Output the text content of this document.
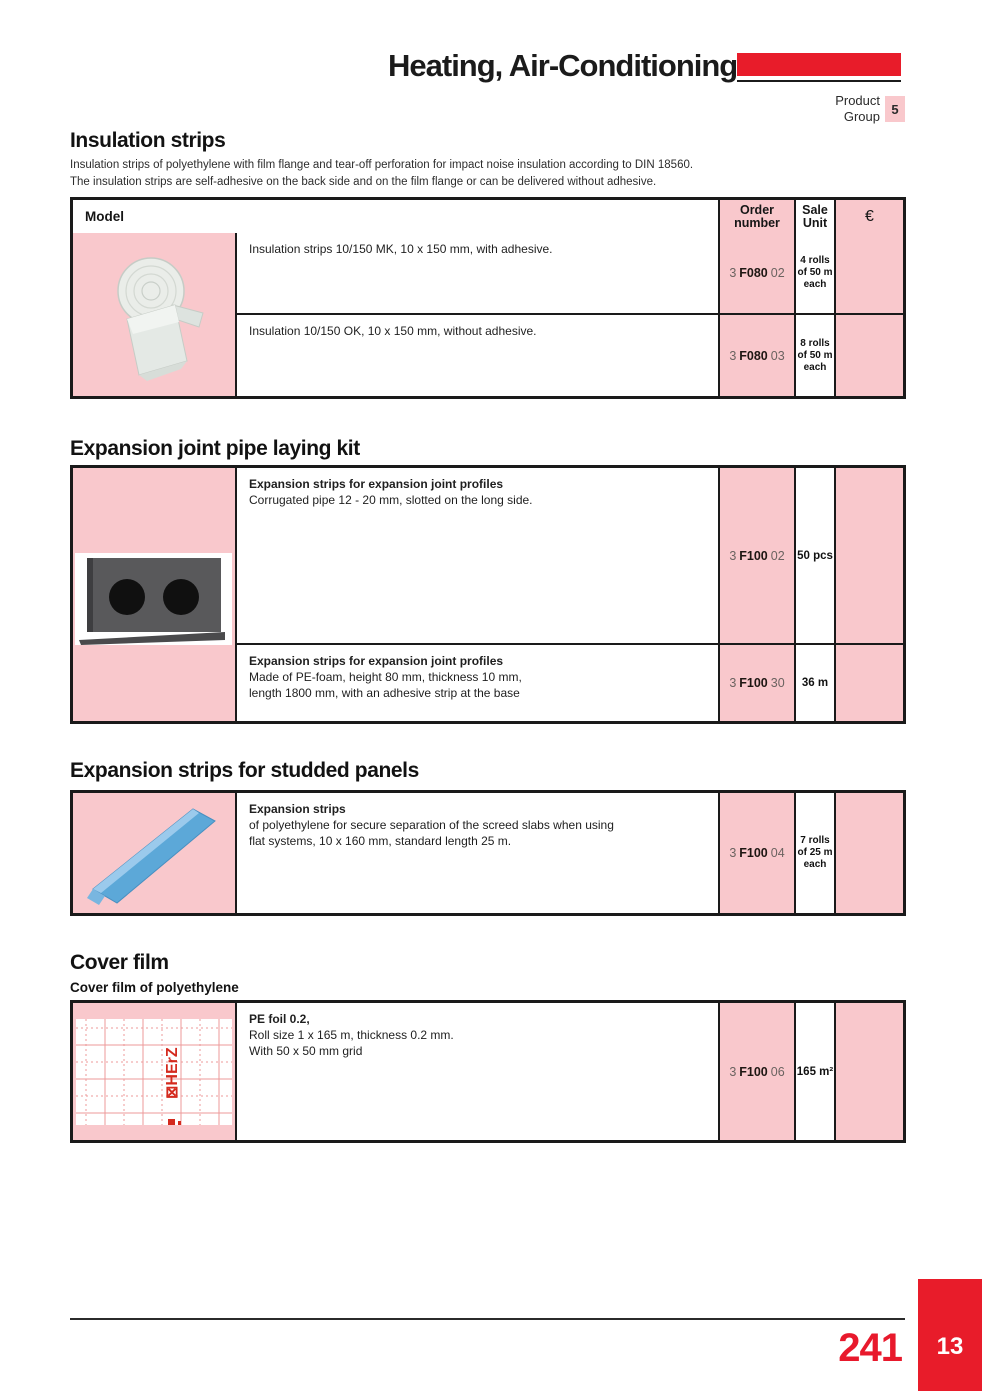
Heating, Air-Conditioning
Product
Group 5
Insulation strips
Insulation strips of polyethylene with film flange and tear-off perforation for impact noise insulation according to DIN 18560.
The insulation strips are self-adhesive on the back side and on the film flange or can be delivered without adhesive.
Model	Order
number
Sale
Unit	€
Insulation strips 10/150 MK, 10 x 150 mm, with adhesive.
3 F080 02
4 rolls
of 50 m
each
Insulation 10/150 OK, 10 x 150 mm, without adhesive.
3 F080 03
8 rolls
of 50 m
each
Expansion joint pipe laying kit
Expansion strips for expansion joint profiles
Corrugated pipe 12 - 20 mm, slotted on the long side.
3 F100 02 50 pcs
Expansion strips for expansion joint profiles
Made of PE-foam, height 80 mm, thickness 10 mm,
length 1800 mm, with an adhesive strip at the base
3 F100 30 36 m
Expansion strips for studded panels
Expansion strips
of polyethylene for secure separation of the screed slabs when using
flat systems, 10 x 160 mm, standard length 25 m.
3 F100 04
7 rolls
of 25 m
each
Cover film
Cover film of polyethylene
⊠HErZ
PE foil 0.2,
Roll size 1 x 165 m, thickness 0.2 mm.
With 50 x 50 mm grid
3 F100 06 165 m²
241 13
